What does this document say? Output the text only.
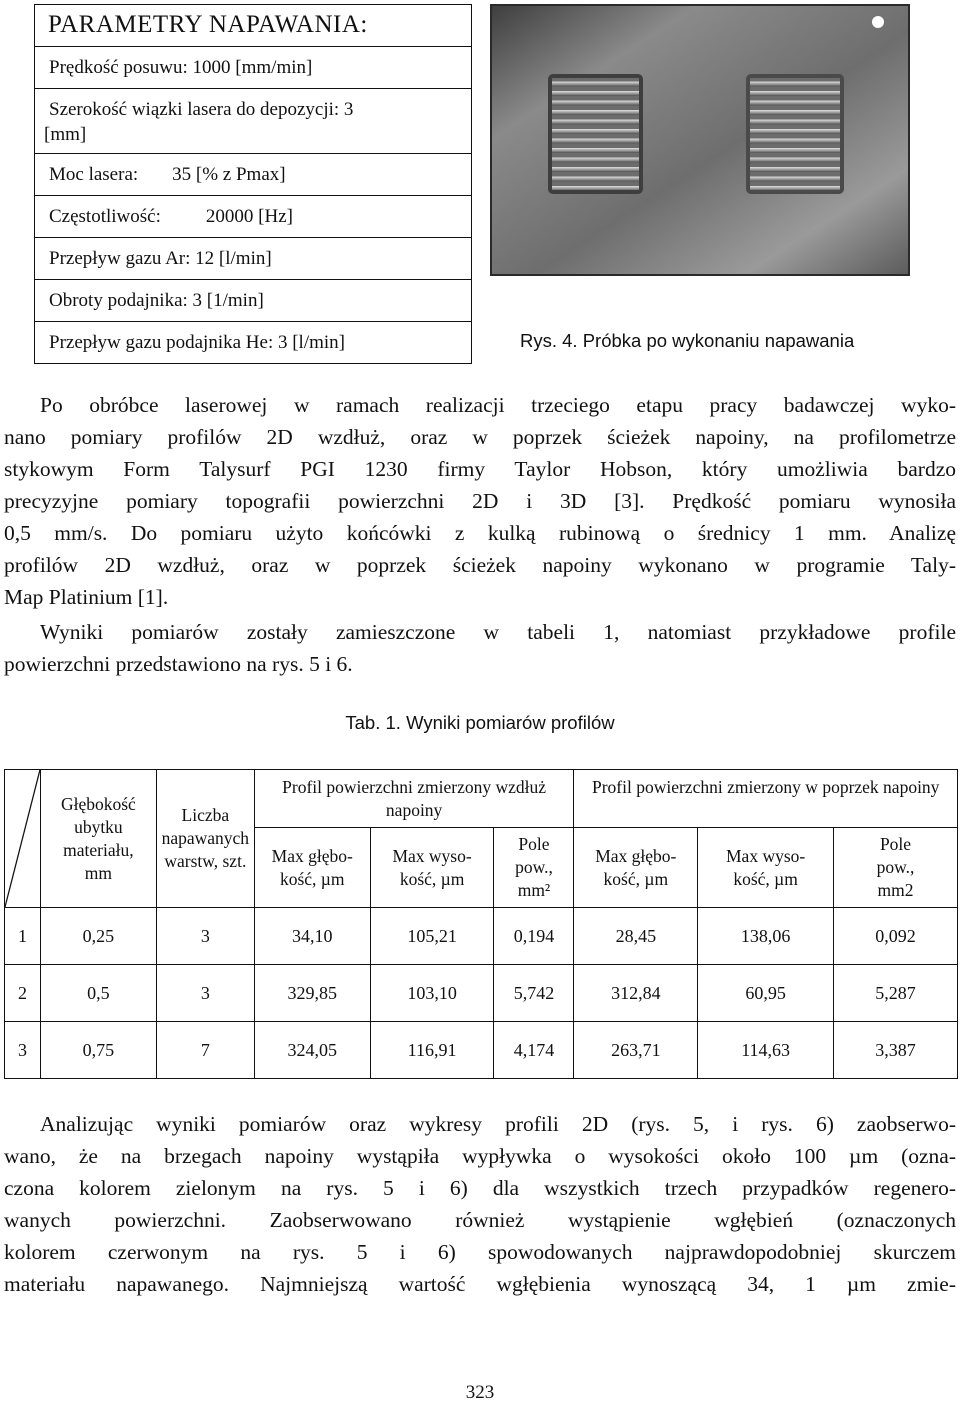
PARAMETRY NAPAWANIA:
Prędkość posuwu: 1000 [mm/min]
Szerokość wiązki lasera do depozycji: 3
[mm]
Moc lasera: 35 [% z Pmax]
Częstotliwość: 20000 [Hz]
Przepływ gazu Ar: 12 [l/min]
Obroty podajnika: 3 [1/min]
Przepływ gazu podajnika He: 3 [l/min]	Rys. 4. Próbka po wykonaniu napawania
Po obróbce laserowej w ramach realizacji trzeciego etapu pracy badawczej wyko-
nano pomiary profilów 2D wzdłuż, oraz w poprzek ścieżek napoiny, na profilometrze
stykowym Form Talysurf PGI 1230 firmy Taylor Hobson, który umożliwia bardzo
precyzyjne pomiary topografii powierzchni 2D i 3D [3]. Prędkość pomiaru wynosiła
0,5 mm/s. Do pomiaru użyto końcówki z kulką rubinową o średnicy 1 mm. Analizę
profilów 2D wzdłuż, oraz w poprzek ścieżek napoiny wykonano w programie Taly-
Map Platinium [1].
Wyniki pomiarów zostały zamieszczone w tabeli 1, natomiast przykładowe profile
powierzchni przedstawiono na rys. 5 i 6.
Tab. 1. Wyniki pomiarów profilów
	Głębokość ubytku materiału, mm	Liczba napawanych warstw, szt.	Profil powierzchni zmierzony wzdłuż napoiny			Profil powierzchni zmierzony w poprzek napoiny		
			Max głębo-kość, µm	Max wyso-kość, µm	Pole pow., mm²	Max głębo-kość, µm	Max wyso-kość, µm	Pole pow., mm2
1	0,25	3	34,10	105,21	0,194	28,45	138,06	0,092
2	0,5	3	329,85	103,10	5,742	312,84	60,95	5,287
3	0,75	7	324,05	116,91	4,174	263,71	114,63	3,387
Analizując wyniki pomiarów oraz wykresy profili 2D (rys. 5, i rys. 6) zaobserwo-
wano, że na brzegach napoiny wystąpiła wypływka o wysokości około 100 µm (ozna-
czona kolorem zielonym na rys. 5 i 6) dla wszystkich trzech przypadków regenero-
wanych powierzchni. Zaobserwowano również wystąpienie wgłębień (oznaczonych
kolorem czerwonym na rys. 5 i 6) spowodowanych najprawdopodobniej skurczem
materiału napawanego. Najmniejszą wartość wgłębienia wynoszącą 34, 1 µm zmie-
323
